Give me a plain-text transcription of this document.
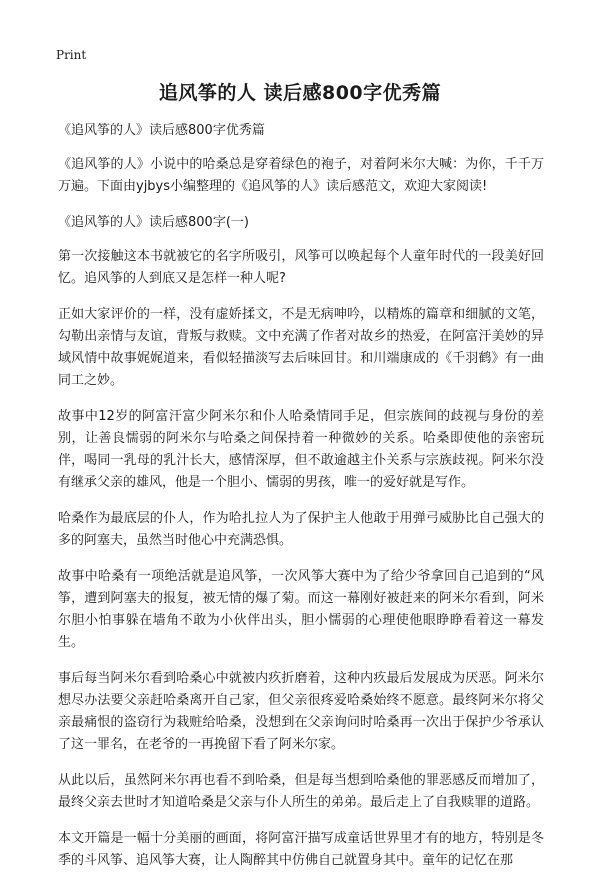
Print
追风筝的人 读后感800字优秀篇

《追风筝的人》读后感800字优秀篇

《追风筝的人》小说中的哈桑总是穿着绿色的袍子，对着阿米尔大喊：为你，千千万万遍。下面由yjbys小编整理的《追风筝的人》读后感范文，欢迎大家阅读!

《追风筝的人》读后感800字(一)

第一次接触这本书就被它的名字所吸引，风筝可以唤起每个人童年时代的一段美好回忆。追风筝的人到底又是怎样一种人呢?

正如大家评价的一样，没有虚娇揉文，不是无病呻吟，以精炼的篇章和细腻的文笔，勾勒出亲情与友谊，背叛与救赎。文中充满了作者对故乡的热爱，在阿富汗美妙的异域风情中故事娓娓道来，看似轻描淡写去后味回甘。和川端康成的《千羽鹤》有一曲同工之妙。

故事中12岁的阿富汗富少阿米尔和仆人哈桑情同手足，但宗族间的歧视与身份的差别，让善良懦弱的阿米尔与哈桑之间保持着一种微妙的关系。哈桑即使他的亲密玩伴，喝同一乳母的乳汁长大，感情深厚，但不敢逾越主仆关系与宗族歧视。阿米尔没有继承父亲的雄风，他是一个胆小、懦弱的男孩，唯一的爱好就是写作。

哈桑作为最底层的仆人，作为哈扎拉人为了保护主人他敢于用弹弓威胁比自己强大的多的阿塞夫，虽然当时他心中充满恐惧。

故事中哈桑有一项绝活就是追风筝，一次风筝大赛中为了给少爷拿回自己追到的“风筝，遭到阿塞夫的报复，被无情的爆了菊。而这一幕刚好被赶来的阿米尔看到，阿米尔胆小怕事躲在墙角不敢为小伙伴出头，胆小懦弱的心理使他眼睁睁看着这一幕发生。

事后每当阿米尔看到哈桑心中就被内疚折磨着，这种内疚最后发展成为厌恶。阿米尔想尽办法要父亲赶哈桑离开自己家，但父亲很疼爱哈桑始终不愿意。最终阿米尔将父亲最痛恨的盗窃行为栽赃给哈桑，没想到在父亲询问时哈桑再一次出于保护少爷承认了这一罪名，在老爷的一再挽留下看了阿米尔家。

从此以后，虽然阿米尔再也看不到哈桑，但是每当想到哈桑他的罪恶感反而增加了，最终父亲去世时才知道哈桑是父亲与仆人所生的弟弟。最后走上了自我赎罪的道路。

本文开篇是一幅十分美丽的画面，将阿富汗描写成童话世界里才有的地方，特别是冬季的斗风筝、追风筝大赛，让人陶醉其中仿佛自己就置身其中。童年的记忆在那
